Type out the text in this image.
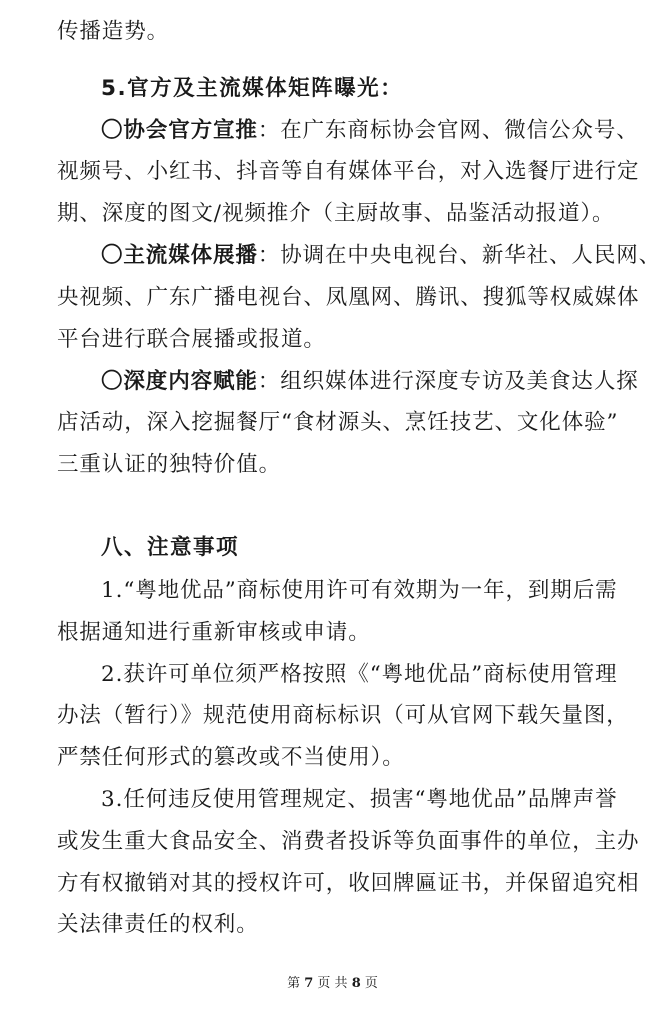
传播造势。
5.官方及主流媒体矩阵曝光：
〇协会官方宣推：在广东商标协会官网、微信公众号、
视频号、小红书、抖音等自有媒体平台，对入选餐厅进行定
期、深度的图文/视频推介（主厨故事、品鉴活动报道）。
〇主流媒体展播：协调在中央电视台、新华社、人民网、
央视频、广东广播电视台、凤凰网、腾讯、搜狐等权威媒体
平台进行联合展播或报道。
〇深度内容赋能：组织媒体进行深度专访及美食达人探
店活动，深入挖掘餐厅“食材源头、烹饪技艺、文化体验”
三重认证的独特价值。
八、注意事项
1.“粤地优品”商标使用许可有效期为一年，到期后需
根据通知进行重新审核或申请。
2.获许可单位须严格按照《“粤地优品”商标使用管理
办法（暂行）》规范使用商标标识（可从官网下载矢量图，
严禁任何形式的篡改或不当使用）。
3.任何违反使用管理规定、损害“粤地优品”品牌声誉
或发生重大食品安全、消费者投诉等负面事件的单位，主办
方有权撤销对其的授权许可，收回牌匾证书，并保留追究相
关法律责任的权利。
第 7 页 共 8 页
